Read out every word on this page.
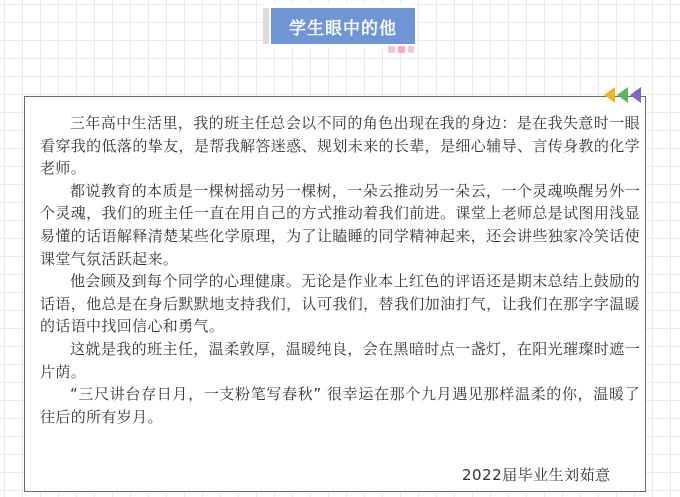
学生眼中的他

三年高中生活里，我的班主任总会以不同的角色出现在我的身边：是在我失意时一眼看穿我的低落的挚友，是帮我解答迷惑、规划未来的长辈，是细心辅导、言传身教的化学老师。

都说教育的本质是一棵树摇动另一棵树，一朵云推动另一朵云，一个灵魂唤醒另外一个灵魂，我们的班主任一直在用自己的方式推动着我们前进。课堂上老师总是试图用浅显易懂的话语解释清楚某些化学原理，为了让瞌睡的同学精神起来，还会讲些独家冷笑话使课堂气氛活跃起来。

他会顾及到每个同学的心理健康。无论是作业本上红色的评语还是期末总结上鼓励的话语，他总是在身后默默地支持我们，认可我们，替我们加油打气，让我们在那字字温暖的话语中找回信心和勇气。

这就是我的班主任，温柔敦厚，温暖纯良，会在黑暗时点一盏灯，在阳光璀璨时遮一片荫。

“三尺讲台存日月，一支粉笔写春秋” 很幸运在那个九月遇见那样温柔的你，温暖了往后的所有岁月。

2022届毕业生刘茹意
